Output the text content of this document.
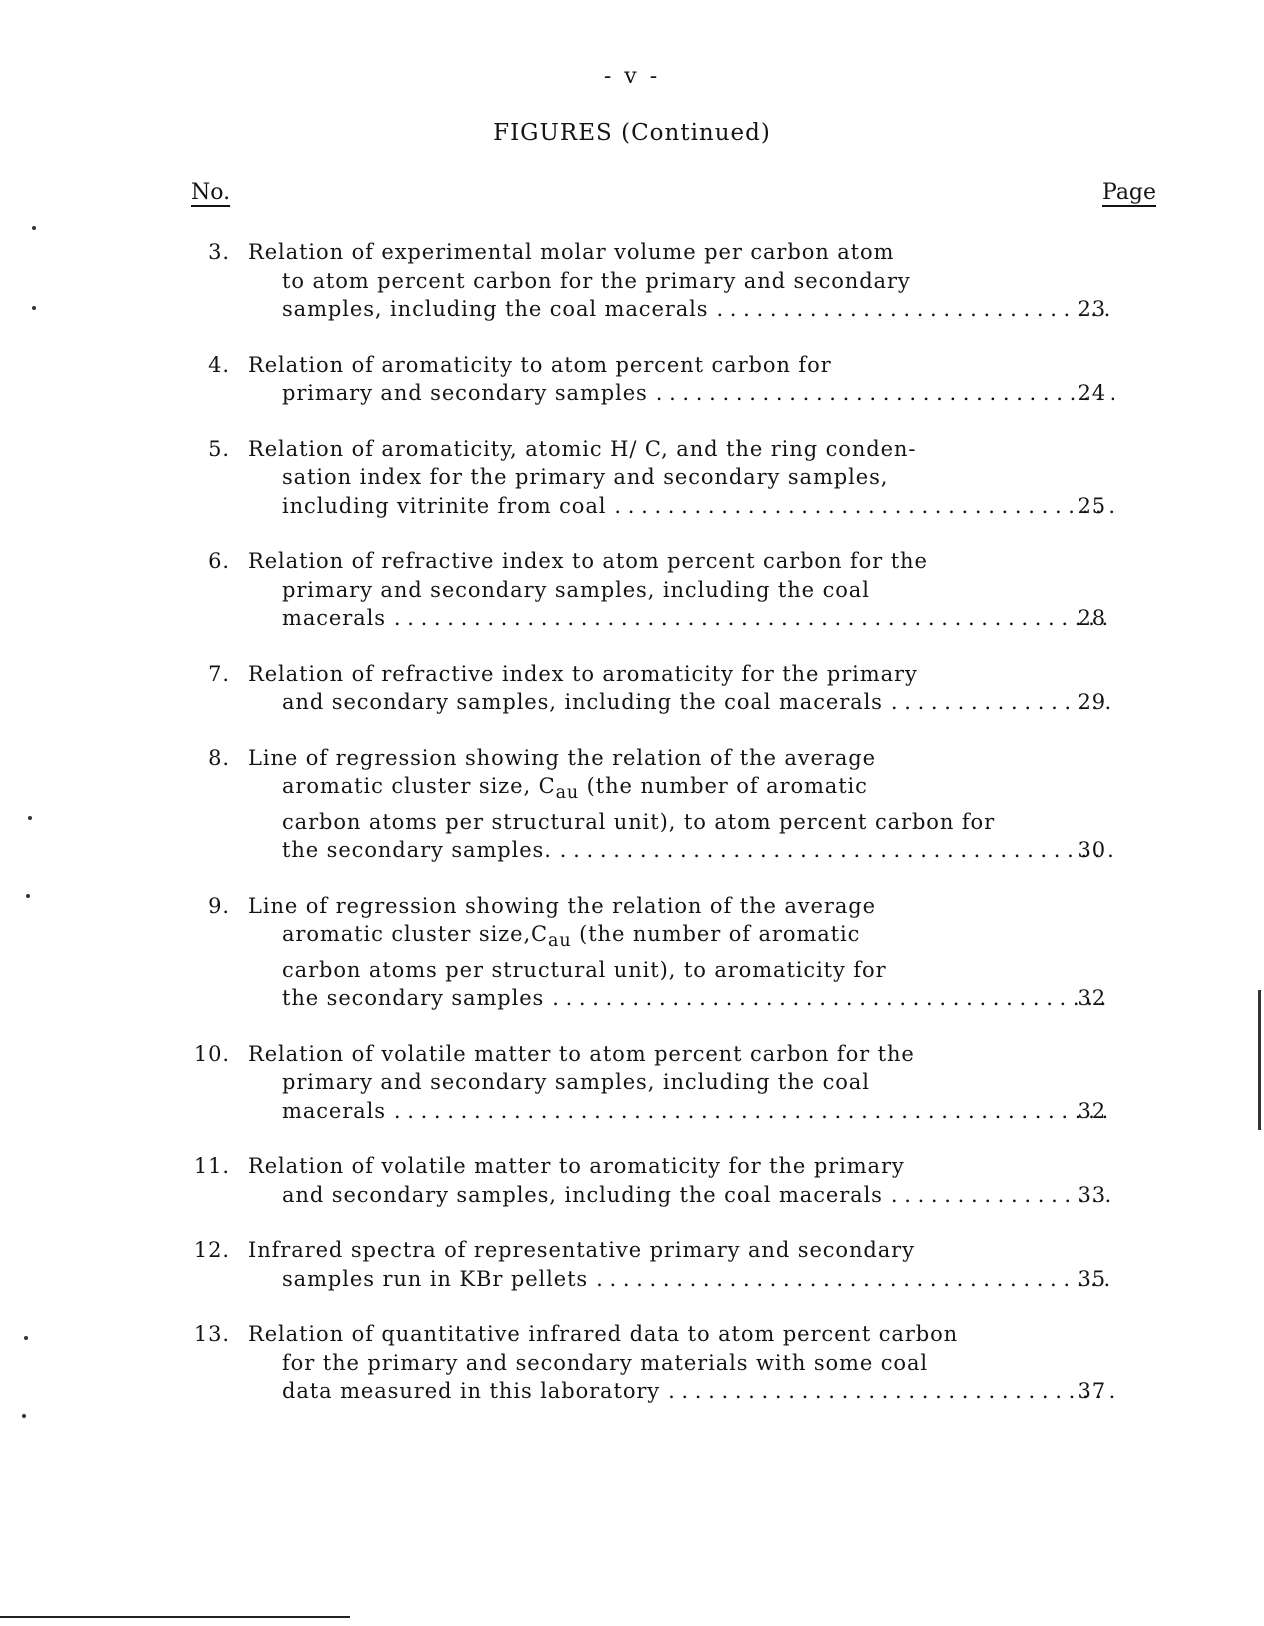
- v -
FIGURES (Continued)
No.	Page
3. Relation of experimental molar volume per carbon atom
to atom percent carbon for the primary and secondary
samples, including the coal macerals . . .	23
4. Relation of aromaticity to atom percent carbon for
primary and secondary samples . . .	24
5. Relation of aromaticity, atomic H/ C, and the ring conden-
sation index for the primary and secondary samples,
including vitrinite from coal . . .	25
6. Relation of refractive index to atom percent carbon for the
primary and secondary samples, including the coal
macerals . . .	28
7. Relation of refractive index to aromaticity for the primary
and secondary samples, including the coal macerals . . .	29
8. Line of regression showing the relation of the average
aromatic cluster size, $C_{au}$ (the number of aromatic
carbon atoms per structural unit), to atom percent carbon for
the secondary samples. . . .	30
9. Line of regression showing the relation of the average
aromatic cluster $size,C_{au}$ (the number of aromatic
carbon atoms per structural unit), to aromaticity for
the secondary samples . . .	32
10. Relation of volatile matter to atom percent carbon for the
primary and secondary samples, including the coal
macerals . . .	32
11. Relation of volatile matter to aromaticity for the primary
and secondary samples, including the coal macerals . . .	33
12. Infrared spectra of representative primary and secondary
samples run in KBr pellets . . .	35
13. Relation of quantitative infrared data to atom percent carbon
for the primary and secondary materials with some coal
data measured in this laboratory . . .	37
